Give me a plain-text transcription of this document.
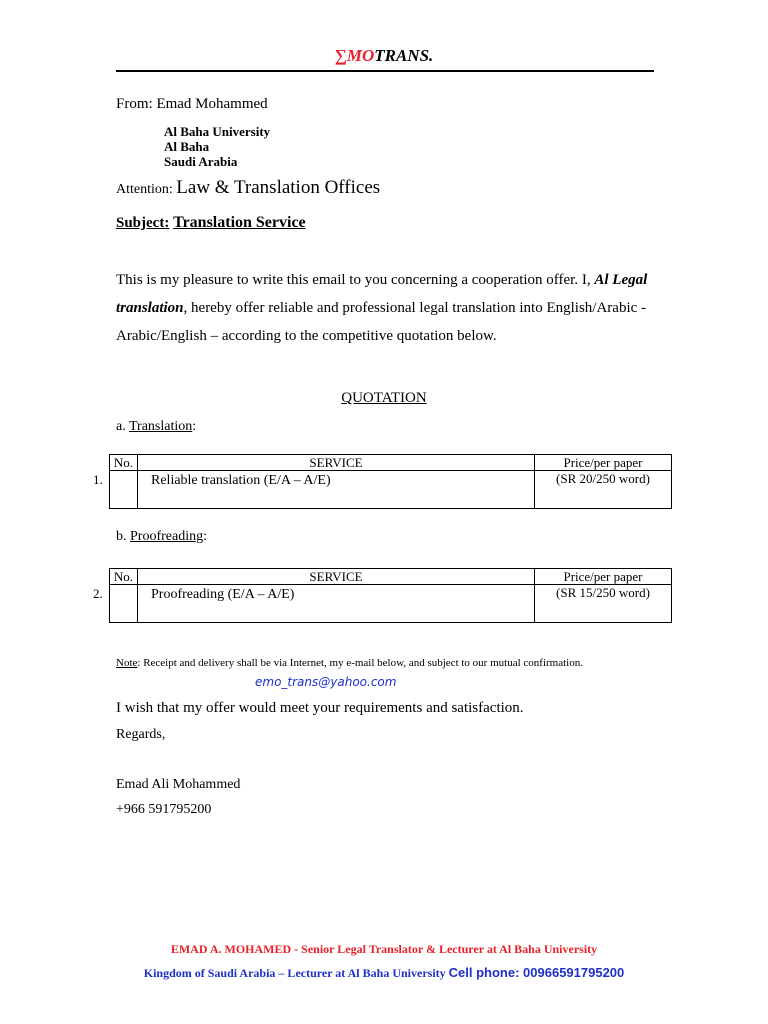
∑MOTRANS.
From: Emad Mohammed
Al Baha University
Al Baha
Saudi Arabia
Attention: Law & Translation Offices
Subject: Translation Service
This is my pleasure to write this email to you concerning a cooperation offer. I, Al Legal translation, hereby offer reliable and professional legal translation into English/Arabic - Arabic/English – according to the competitive quotation below.
QUOTATION
a. Translation:
1.
No.	SERVICE	Price/per paper

	Reliable translation (E/A – A/E)	(SR 20/250 word)
b. Proofreading:
2.
No.	SERVICE	Price/per paper

	Proofreading (E/A – A/E)	(SR 15/250 word)
Note: Receipt and delivery shall be via Internet, my e-mail below, and subject to our mutual confirmation.
emo_trans@yahoo.com
I wish that my offer would meet your requirements and satisfaction.
Regards,
Emad Ali Mohammed
+966 591795200
EMAD A. MOHAMED - Senior Legal Translator & Lecturer at Al Baha University
Kingdom of Saudi Arabia – Lecturer at Al Baha University Cell phone: 00966591795200
